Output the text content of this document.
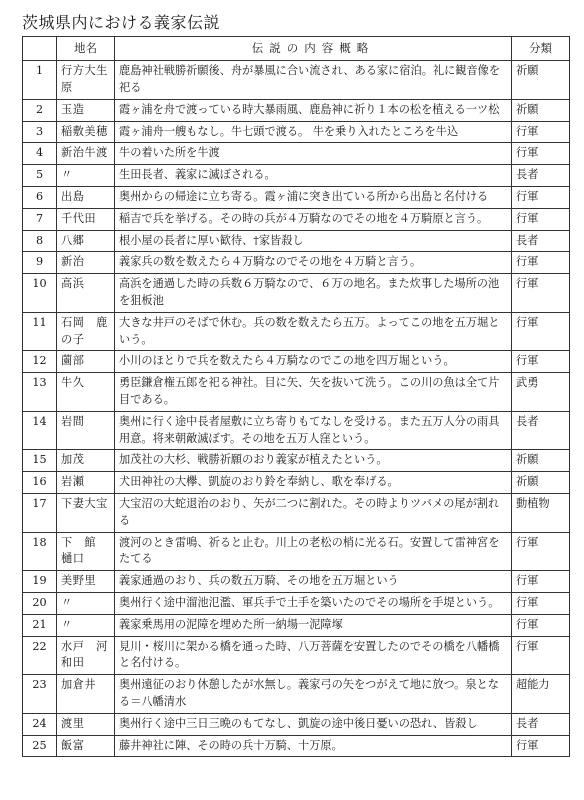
茨城県内における義家伝説
	地名	伝説の内容概略	分類
1	行方大生原	鹿島神社戦勝祈願後、舟が暴風に合い流され、ある家に宿泊。礼に観音像を祀る	祈願
2	玉造	霞ヶ浦を舟で渡っている時大暴雨風、鹿島神に祈り１本の松を植える一ツ松	祈願
3	稲敷美穂	霞ヶ浦舟一艘もなし。牛七頭で渡る。 牛を乗り入れたところを牛込	行軍
4	新治牛渡	牛の着いた所を牛渡	行軍
5	〃	生田長者、義家に滅ぼされる。	長者
6	出島	奥州からの帰途に立ち寄る。霞ヶ浦に突き出ている所から出島と名付ける	行軍
7	千代田	稲吉で兵を挙げる。その時の兵が４万騎なのでその地を４万騎原と言う。	行軍
8	八郷	根小屋の長者に厚い歓待、†家皆殺し	長者
9	新治	義家兵の数を数えたら４万騎なのでその地を４万騎と言う。	行軍
10	高浜	高浜を通過した時の兵数６万騎なので、６万の地名。また炊事した場所の池を狙板池	行軍
11	石岡　鹿の子	大きな井戸のそばで休む。兵の数を数えたら五万。よってこの地を五万堀という。	行軍
12	薗部	小川のほとりで兵を数えたら４万騎なのでこの地を四万堀という。	行軍
13	牛久	勇臣鎌倉権五郎を祀る神社。目に矢、矢を抜いて洗う。この川の魚は全て片目である。	武勇
14	岩間	奥州に行く途中長者屋敷に立ち寄りもてなしを受ける。また五万人分の雨具用意。将来朝敵滅ぼす。その地を五万人窪という。	長者
15	加茂	加茂社の大杉、戦勝祈願のおり義家が植えたという。	祈願
16	岩瀬	犬田神社の大欅、凱旋のおり鈴を奉納し、歌を奉げる。	祈願
17	下妻大宝	大宝沼の大蛇退治のおり、矢が二つに割れた。その時よりツバメの尾が割れる	動植物
18	下　館　樋口	渡河のとき雷鳴、祈ると止む。川上の老松の梢に光る石。安置して雷神宮をたてる	行軍
19	美野里	義家通過のおり、兵の数五万騎、その地を五万堀という	行軍
20	〃	奥州行く途中溜池氾濫、軍兵手で土手を築いたのでその場所を手堤という。	行軍
21	〃	義家乗馬用の泥障を埋めた所一納場一泥障塚	行軍
22	水戸　河和田	見川・桜川に架かる橋を通った時、八万菩薩を安置したのでその橋を八幡橋と名付ける。	行軍
23	加倉井	奥州遠征のおり休憩したが水無し。義家弓の矢をつがえて地に放つ。泉となる＝八幡清水	超能力
24	渡里	奥州行く途中三日三晩のもてなし、凱旋の途中後日憂いの恐れ、皆殺し	長者
25	飯富	藤井神社に陣、その時の兵十万騎、十万原。	行軍
